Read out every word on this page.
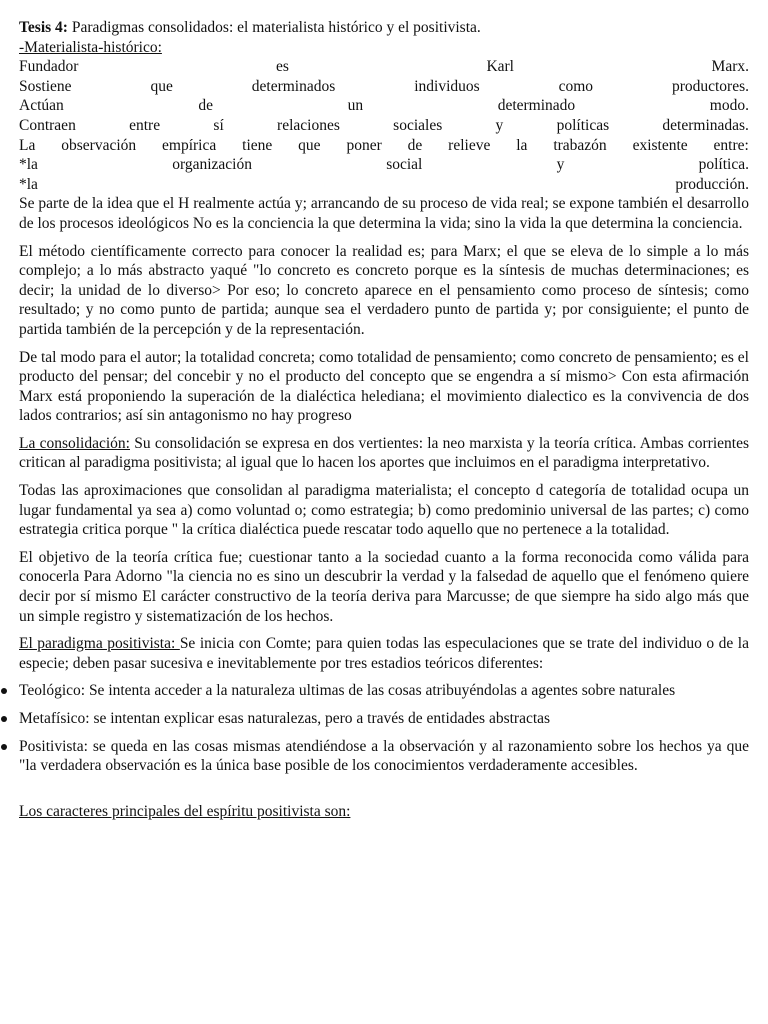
Tesis 4: Paradigmas consolidados: el materialista histórico y el positivista.
-Materialista-histórico:
Fundador	es	Karl	Marx.
Sostiene	que	determinados	individuos	como	productores.
Actúan	de	un	determinado	modo.
Contraen	entre	sí	relaciones	sociales	y	políticas	determinadas.
La observación empírica tiene que poner de relieve la trabazón existente entre:
*la	organización	social	y	política.
*la	producción.

Se parte de la idea que el H realmente actúa y; arrancando de su proceso de vida real; se expone también el desarrollo de los procesos ideológicos No es la conciencia la que determina la vida; sino la vida la que determina la conciencia.

El método científicamente correcto para conocer la realidad es; para Marx; el que se eleva de lo simple a lo más complejo; a lo más abstracto yaqué "lo concreto es concreto porque es la síntesis de muchas determinaciones; es decir; la unidad de lo diverso> Por eso; lo concreto aparece en el pensamiento como proceso de síntesis; como resultado; y no como punto de partida; aunque sea el verdadero punto de partida y; por consiguiente; el punto de partida también de la percepción y de la representación.

De tal modo para el autor; la totalidad concreta; como totalidad de pensamiento; como concreto de pensamiento; es el producto del pensar; del concebir y no el producto del concepto que se engendra a sí mismo> Con esta afirmación Marx está proponiendo la superación de la dialéctica helediana; el movimiento dialectico es la convivencia de dos lados contrarios; así sin antagonismo no hay progreso

La consolidación: Su consolidación se expresa en dos vertientes: la neo marxista y la teoría crítica. Ambas corrientes critican al paradigma positivista; al igual que lo hacen los aportes que incluimos en el paradigma interpretativo.

Todas las aproximaciones que consolidan al paradigma materialista; el concepto d categoría de totalidad ocupa un lugar fundamental ya sea a) como voluntad o; como estrategia; b) como predominio universal de las partes; c) como estrategia critica porque " la crítica dialéctica puede rescatar todo aquello que no pertenece a la totalidad.

El objetivo de la teoría crítica fue; cuestionar tanto a la sociedad cuanto a la forma reconocida como válida para conocerla Para Adorno "la ciencia no es sino un descubrir la verdad y la falsedad de aquello que el fenómeno quiere decir por sí mismo El carácter constructivo de la teoría deriva para Marcusse; de que siempre ha sido algo más que un simple registro y sistematización de los hechos.

El paradigma positivista: Se inicia con Comte; para quien todas las especulaciones que se trate del individuo o de la especie; deben pasar sucesiva e inevitablemente por tres estadios teóricos diferentes:

Teológico: Se intenta acceder a la naturaleza ultimas de las cosas atribuyéndolas a agentes sobre naturales
Metafísico: se intentan explicar esas naturalezas, pero a través de entidades abstractas
Positivista: se queda en las cosas mismas atendiéndose a la observación y al razonamiento sobre los hechos ya que "la verdadera observación es la única base posible de los conocimientos verdaderamente accesibles.
Los caracteres principales del espíritu positivista son:
